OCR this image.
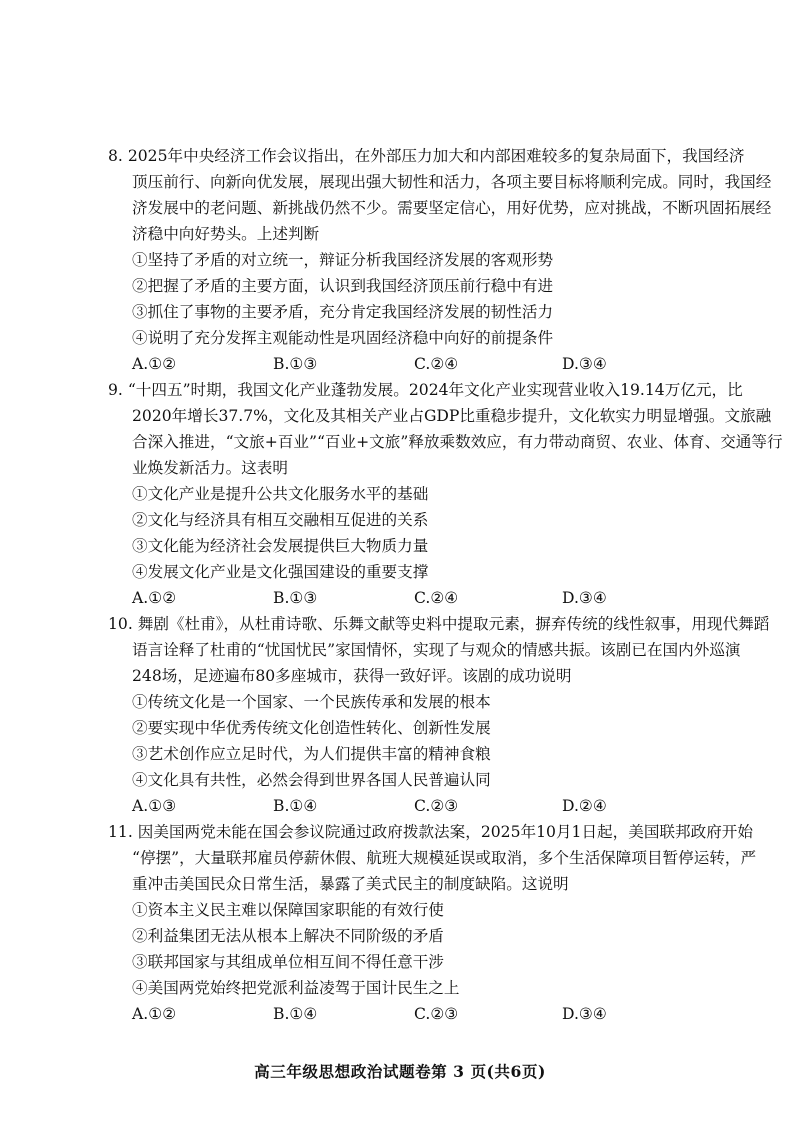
8. 2025年中央经济工作会议指出，在外部压力加大和内部困难较多的复杂局面下，我国经济
顶压前行、向新向优发展，展现出强大韧性和活力，各项主要目标将顺利完成。同时，我国经
济发展中的老问题、新挑战仍然不少。需要坚定信心，用好优势，应对挑战，不断巩固拓展经
济稳中向好势头。上述判断
①坚持了矛盾的对立统一，辩证分析我国经济发展的客观形势
②把握了矛盾的主要方面，认识到我国经济顶压前行稳中有进
③抓住了事物的主要矛盾，充分肯定我国经济发展的韧性活力
④说明了充分发挥主观能动性是巩固经济稳中向好的前提条件
A.①②	B.①③	C.②④	D.③④
9. “十四五”时期，我国文化产业蓬勃发展。2024年文化产业实现营业收入19.14万亿元，比
2020年增长37.7%，文化及其相关产业占GDP比重稳步提升，文化软实力明显增强。文旅融
合深入推进，“文旅+百业”“百业+文旅”释放乘数效应，有力带动商贸、农业、体育、交通等行
业焕发新活力。这表明
①文化产业是提升公共文化服务水平的基础
②文化与经济具有相互交融相互促进的关系
③文化能为经济社会发展提供巨大物质力量
④发展文化产业是文化强国建设的重要支撑
A.①②	B.①③	C.②④	D.③④
10. 舞剧《杜甫》，从杜甫诗歌、乐舞文献等史料中提取元素，摒弃传统的线性叙事，用现代舞蹈
语言诠释了杜甫的“忧国忧民”家国情怀，实现了与观众的情感共振。该剧已在国内外巡演
248场，足迹遍布80多座城市，获得一致好评。该剧的成功说明
①传统文化是一个国家、一个民族传承和发展的根本
②要实现中华优秀传统文化创造性转化、创新性发展
③艺术创作应立足时代，为人们提供丰富的精神食粮
④文化具有共性，必然会得到世界各国人民普遍认同
A.①③	B.①④	C.②③	D.②④
11. 因美国两党未能在国会参议院通过政府拨款法案，2025年10月1日起，美国联邦政府开始
“停摆”，大量联邦雇员停薪休假、航班大规模延误或取消，多个生活保障项目暂停运转，严
重冲击美国民众日常生活，暴露了美式民主的制度缺陷。这说明
①资本主义民主难以保障国家职能的有效行使
②利益集团无法从根本上解决不同阶级的矛盾
③联邦国家与其组成单位相互间不得任意干涉
④美国两党始终把党派利益凌驾于国计民生之上
A.①②	B.①④	C.②③	D.③④
高三年级思想政治试题卷第 3 页(共6页)
